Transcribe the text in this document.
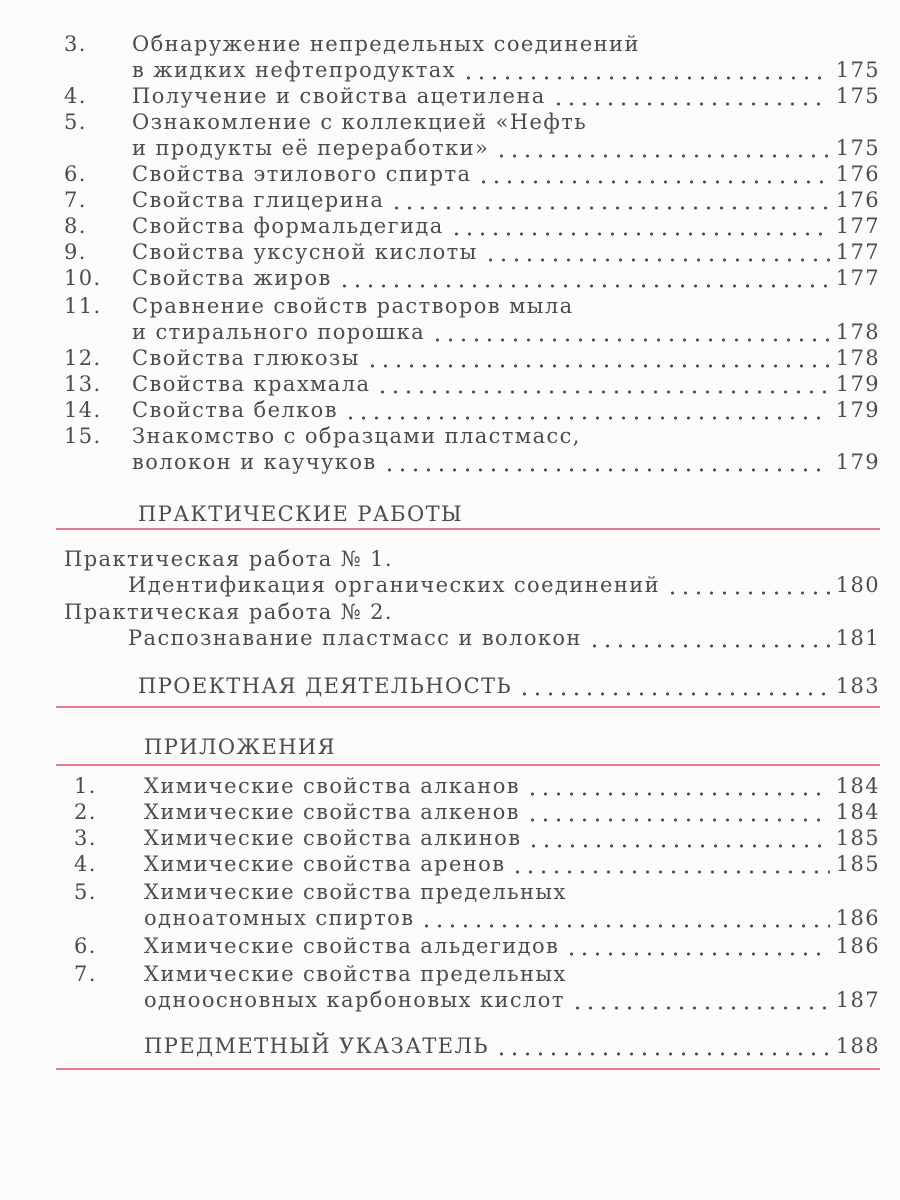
3. Обнаружение непредельных соединений
в жидких нефтепродуктах	175
4. Получение и свойства ацетилена	175
5. Ознакомление с коллекцией «Нефть
и продукты её переработки»	175
6. Свойства этилового спирта	176
7. Свойства глицерина	176
8. Свойства формальдегида	177
9. Свойства уксусной кислоты	177
10. Свойства жиров	177
11. Сравнение свойств растворов мыла
и стирального порошка	178
12. Свойства глюкозы	178
13. Свойства крахмала	179
14. Свойства белков	179
15. Знакомство с образцами пластмасс,
волокон и каучуков	179
ПРАКТИЧЕСКИЕ РАБОТЫ
Практическая работа № 1.
Идентификация органических соединений	180
Практическая работа № 2.
Распознавание пластмасс и волокон	181
ПРОЕКТНАЯ ДЕЯТЕЛЬНОСТЬ	183
ПРИЛОЖЕНИЯ
1. Химические свойства алканов	184
2. Химические свойства алкенов	184
3. Химические свойства алкинов	185
4. Химические свойства аренов	185
5. Химические свойства предельных
одноатомных спиртов	186
6. Химические свойства альдегидов	186
7. Химические свойства предельных
одноосновных карбоновых кислот	187
ПРЕДМЕТНЫЙ УКАЗАТЕЛЬ	188
